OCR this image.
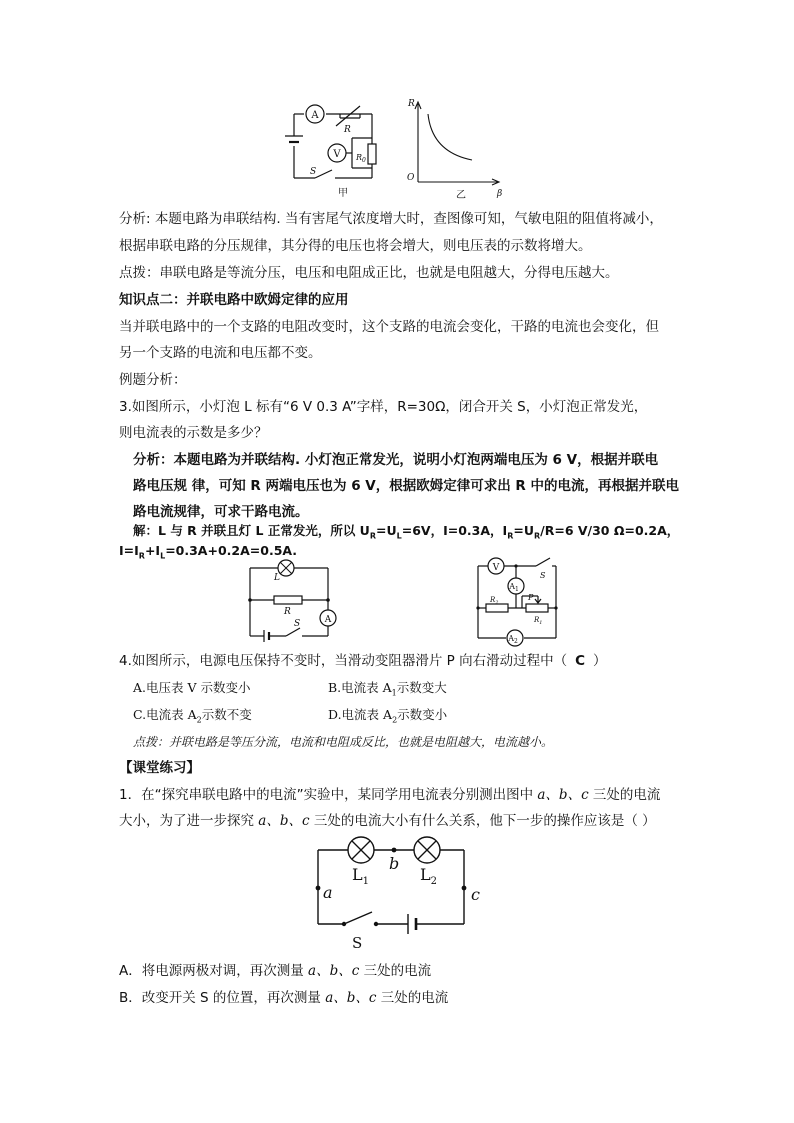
A
V
R
$R_0$
S
甲
R
β
O
乙
分析: 本题电路为串联结构. 当有害尾气浓度增大时，查图像可知，气敏电阻的阻值将减小，
根据串联电路的分压规律，其分得的电压也将会增大，则电压表的示数将增大。
点拨：串联电路是等流分压，电压和电阻成正比，也就是电阻越大，分得电压越大。
知识点二：并联电路中欧姆定律的应用
当并联电路中的一个支路的电阻改变时，这个支路的电流会变化，干路的电流也会变化，但
另一个支路的电流和电压都不变。
例题分析：
3.如图所示，小灯泡 L 标有“6 V 0.3 A”字样，R=30Ω，闭合开关 S，小灯泡正常发光，
则电流表的示数是多少？
分析：本题电路为并联结构. 小灯泡正常发光，说明小灯泡两端电压为 6 V，根据并联电
路电压规 律，可知 R 两端电压也为 6 V，根据欧姆定律可求出 R 中的电流，再根据并联电
路电流规律，可求干路电流。
解：L 与 R 并联且灯 L 正常发光，所以 $U_R=U_L=6V$，I=0.3A，$I_R=U_R/R=6$ V/30 Ω=0.2A，
$I=I_R+I_L=0.3A+0.2A=0.5A$.
A
L
R
S
V
$A_1$
$A_2$
S
$R_2$
P
$R_1$
4.如图所示，电源电压保持不变时，当滑动变阻器滑片 P 向右滑动过程中（ C ）
A.电压表 V 示数变小	B.电流表 $A_1$示数变大
C.电流表 $A_2$示数不变	D.电流表 $A_2$示数变小
点拨：并联电路是等压分流，电流和电阻成反比，也就是电阻越大，电流越小。
【课堂练习】
1．在“探究串联电路中的电流”实验中，某同学用电流表分别测出图中 a、b、c 三处的电流
大小，为了进一步探究 a、b、c 三处的电流大小有什么关系，他下一步的操作应该是（ ）
$L_1$	$L_2$
a
b
c
S
A．将电源两极对调，再次测量 a、b、c 三处的电流
B．改变开关 S 的位置，再次测量 a、b、c 三处的电流
